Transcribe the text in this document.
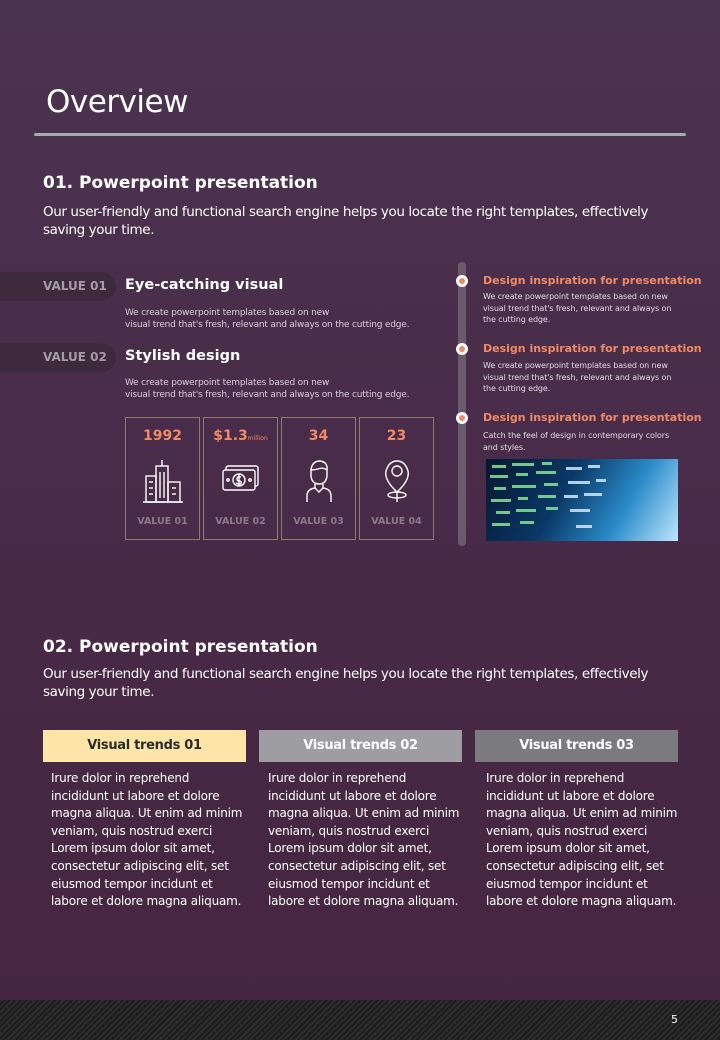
Overview
01. Powerpoint presentation
Our user-friendly and functional search engine helps you locate the right templates, effectively saving your time.
VALUE 01 Eye-catching visual
We create powerpoint templates based on new
visual trend that's fresh, relevant and always on the cutting edge.
VALUE 02 Stylish design
We create powerpoint templates based on new
visual trend that's fresh, relevant and always on the cutting edge.
1992
VALUE 01
$1.3million
VALUE 02
34
VALUE 03
23
VALUE 04
Design inspiration for presentation
We create powerpoint templates based on new visual trend that's fresh, relevant and always on the cutting edge.
Design inspiration for presentation
We create powerpoint templates based on new visual trend that's fresh, relevant and always on the cutting edge.
Design inspiration for presentation
Catch the feel of design in contemporary colors and styles.
02. Powerpoint presentation
Our user-friendly and functional search engine helps you locate the right templates, effectively saving your time.
Visual trends 01	Visual trends 02	Visual trends 03
Irure dolor in reprehend incididunt ut labore et dolore magna aliqua. Ut enim ad minim veniam, quis nostrud exerci Lorem ipsum dolor sit amet, consectetur adipiscing elit, set eiusmod tempor incidunt et labore et dolore magna aliquam.
Irure dolor in reprehend incididunt ut labore et dolore magna aliqua. Ut enim ad minim veniam, quis nostrud exerci Lorem ipsum dolor sit amet, consectetur adipiscing elit, set eiusmod tempor incidunt et labore et dolore magna aliquam.
Irure dolor in reprehend incididunt ut labore et dolore magna aliqua. Ut enim ad minim veniam, quis nostrud exerci Lorem ipsum dolor sit amet, consectetur adipiscing elit, set eiusmod tempor incidunt et labore et dolore magna aliquam.
5
